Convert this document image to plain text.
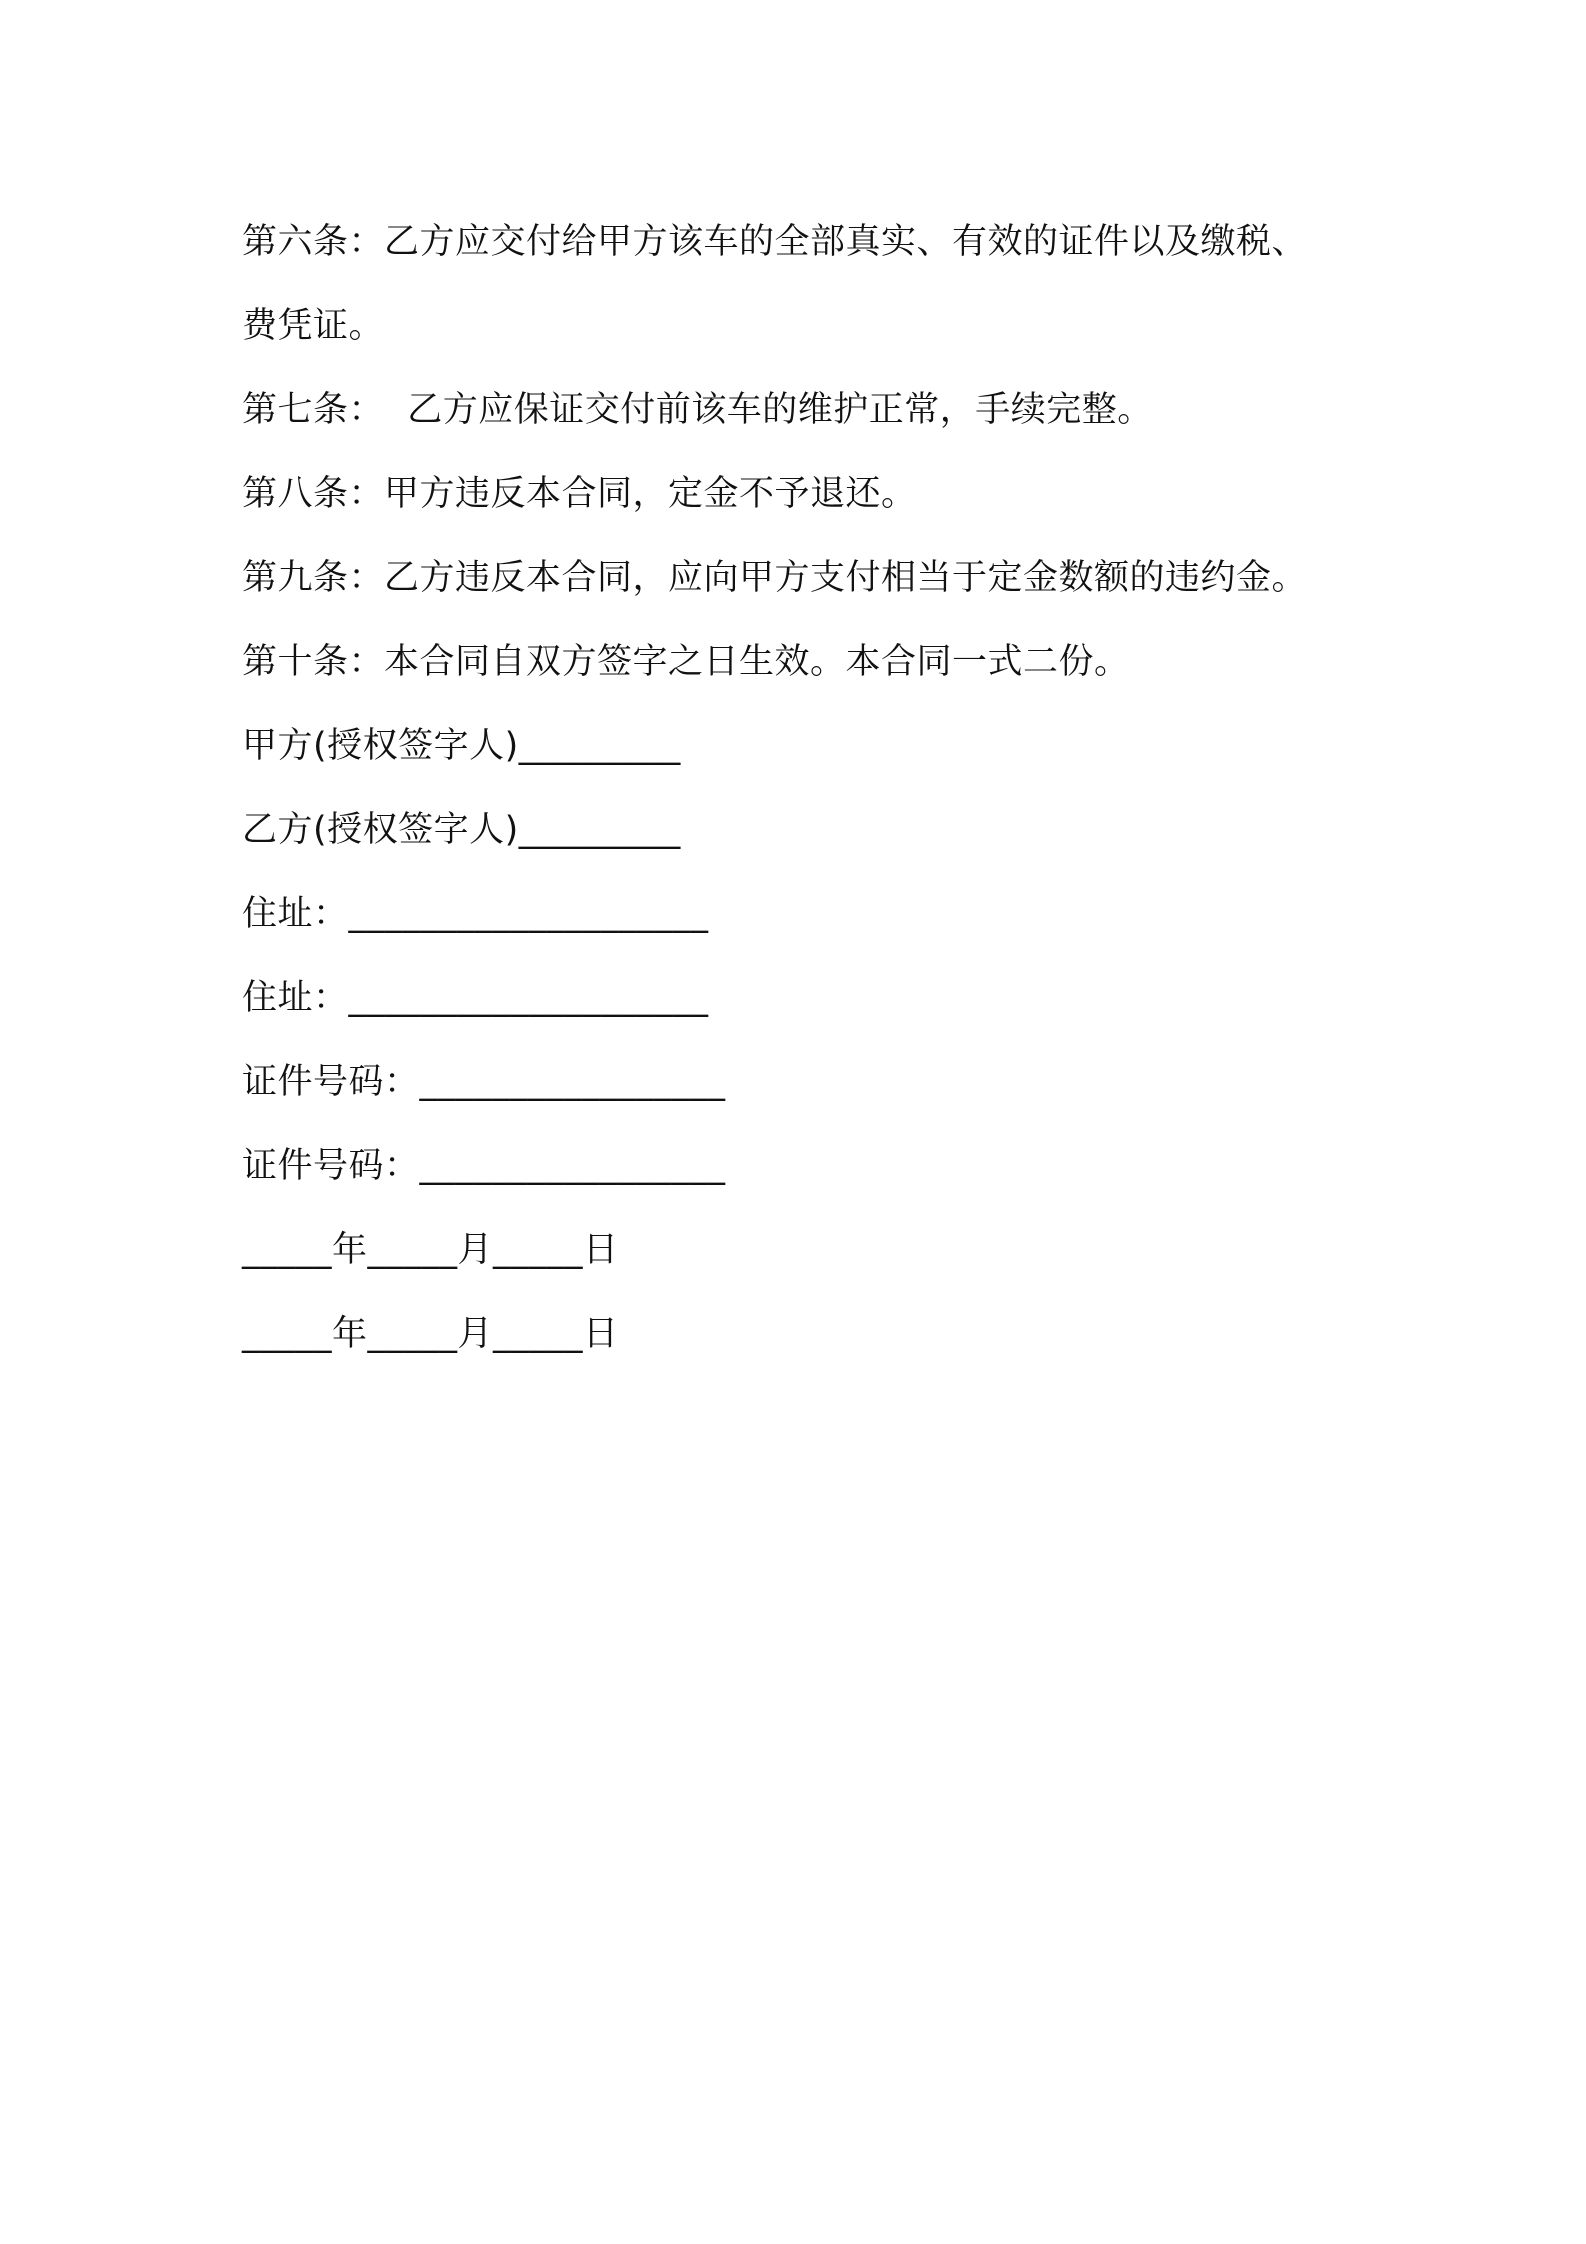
第六条：乙方应交付给甲方该车的全部真实、有效的证件以及缴税、
费凭证。
第七条：  乙方应保证交付前该车的维护正常，手续完整。
第八条：甲方违反本合同，定金不予退还。
第九条：乙方违反本合同，应向甲方支付相当于定金数额的违约金。
第十条：本合同自双方签字之日生效。本合同一式二份。
甲方(授权签字人)_________
乙方(授权签字人)_________
住址：____________________
住址：____________________
证件号码：_________________
证件号码：_________________
_____年_____月_____日
_____年_____月_____日
